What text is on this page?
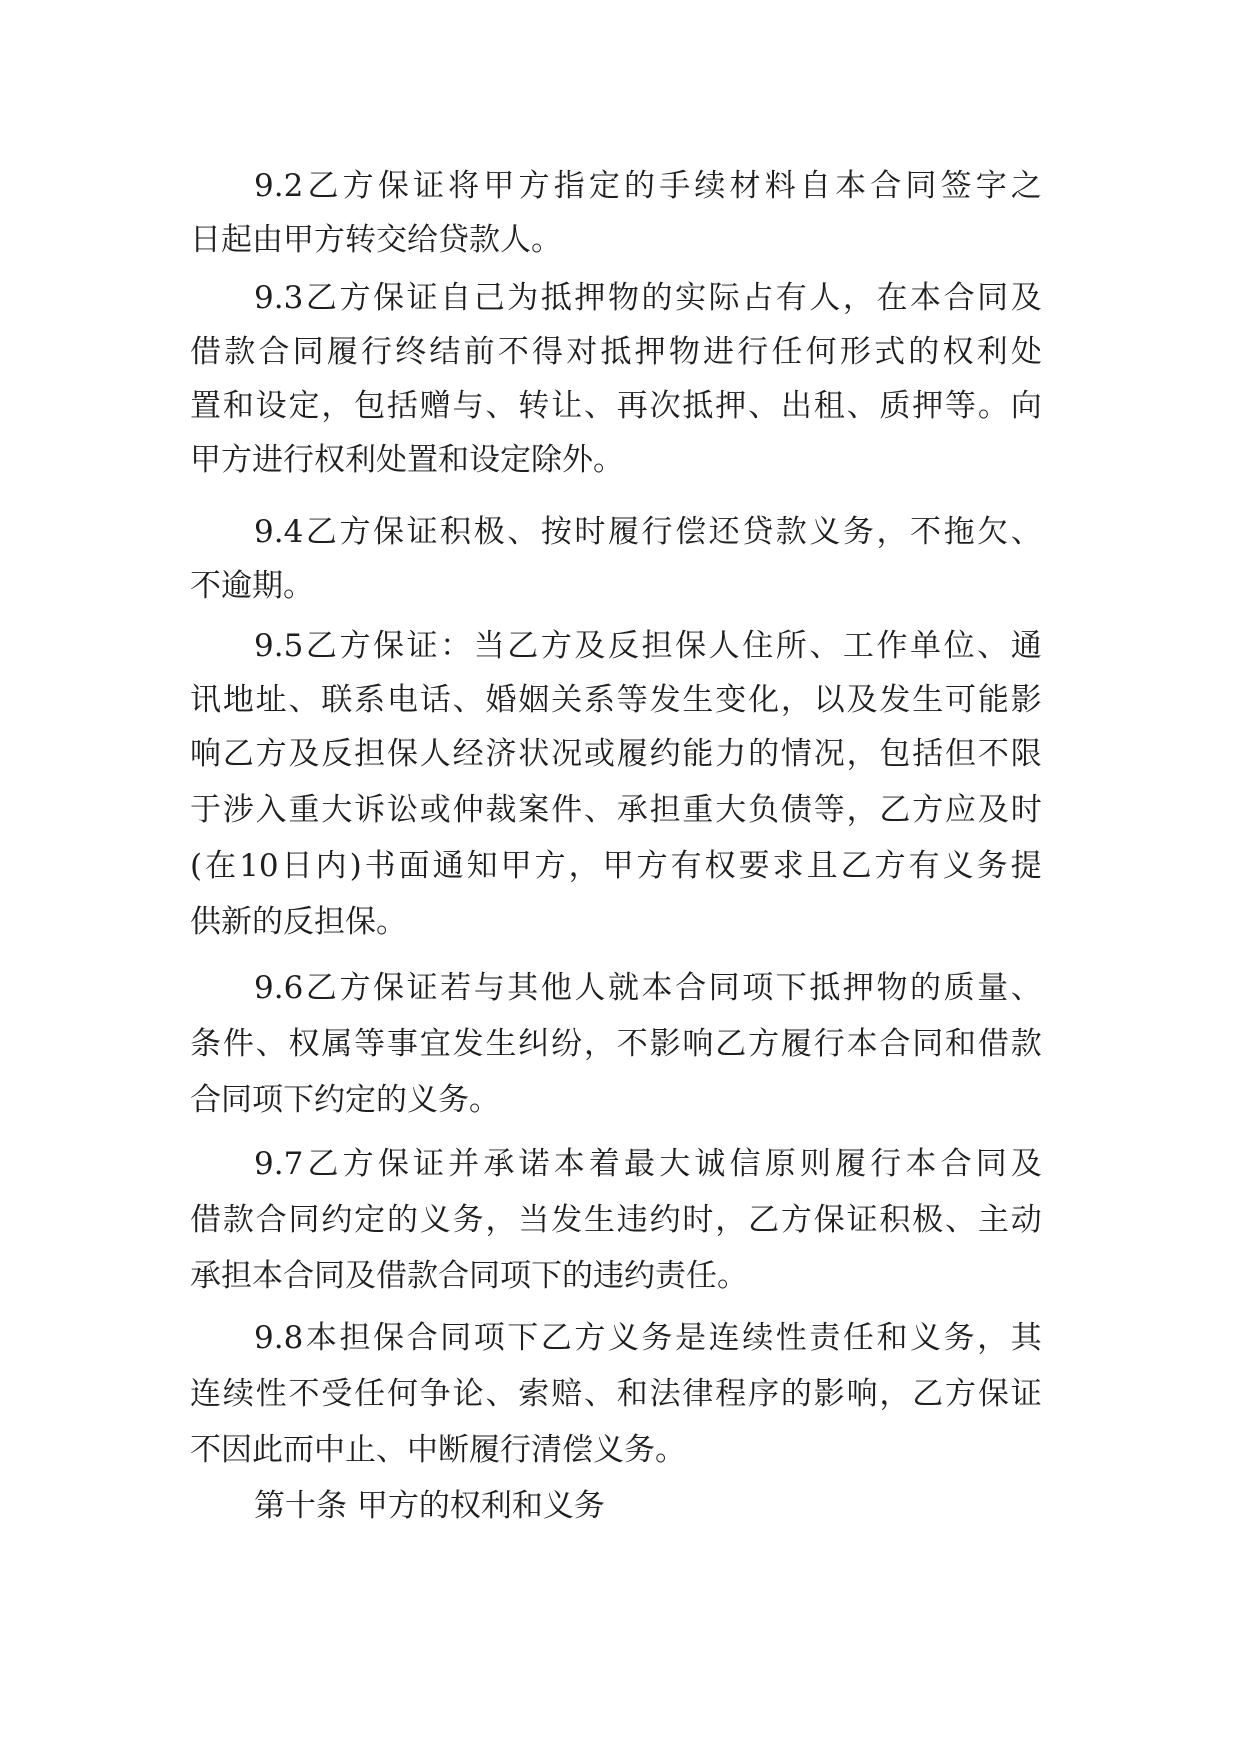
9.2 乙 方 保 证 将 甲 方 指 定 的 手 续 材 料 自 本 合 同 签 字 之
日起由甲方转交给贷款人。
9.3 乙 方 保 证 自 己 为 抵 押 物 的 实 际 占 有 人 ， 在 本 合 同 及
借 款 合 同 履 行 终 结 前 不 得 对 抵 押 物 进 行 任 何 形 式 的 权 利 处
置 和 设 定 ， 包 括 赠 与 、 转 让 、 再 次 抵 押 、 出 租 、 质 押 等 。 向
甲方进行权利处置和设定除外。
9.4 乙 方 保 证 积 极 、 按 时 履 行 偿 还 贷 款 义 务 ， 不 拖 欠 、
不逾期。
9.5 乙 方 保 证 ： 当 乙 方 及 反 担 保 人 住 所 、 工 作 单 位 、 通
讯 地 址 、 联 系 电 话 、 婚 姻 关 系 等 发 生 变 化 ， 以 及 发 生 可 能 影
响 乙 方 及 反 担 保 人 经 济 状 况 或 履 约 能 力 的 情 况 ， 包 括 但 不 限
于 涉 入 重 大 诉 讼 或 仲 裁 案 件 、 承 担 重 大 负 债 等 ， 乙 方 应 及 时
( 在 10 日 内 ) 书 面 通 知 甲 方 ， 甲 方 有 权 要 求 且 乙 方 有 义 务 提
供新的反担保。
9.6 乙 方 保 证 若 与 其 他 人 就 本 合 同 项 下 抵 押 物 的 质 量 、
条 件 、 权 属 等 事 宜 发 生 纠 纷 ， 不 影 响 乙 方 履 行 本 合 同 和 借 款
合同项下约定的义务。
9.7 乙 方 保 证 并 承 诺 本 着 最 大 诚 信 原 则 履 行 本 合 同 及
借 款 合 同 约 定 的 义 务 ， 当 发 生 违 约 时 ， 乙 方 保 证 积 极 、 主 动
承担本合同及借款合同项下的违约责任。
9.8 本 担 保 合 同 项 下 乙 方 义 务 是 连 续 性 责 任 和 义 务 ， 其
连 续 性 不 受 任 何 争 论 、 索 赔 、 和 法 律 程 序 的 影 响 ， 乙 方 保 证
不因此而中止、中断履行清偿义务。
第十条 甲方的权利和义务
